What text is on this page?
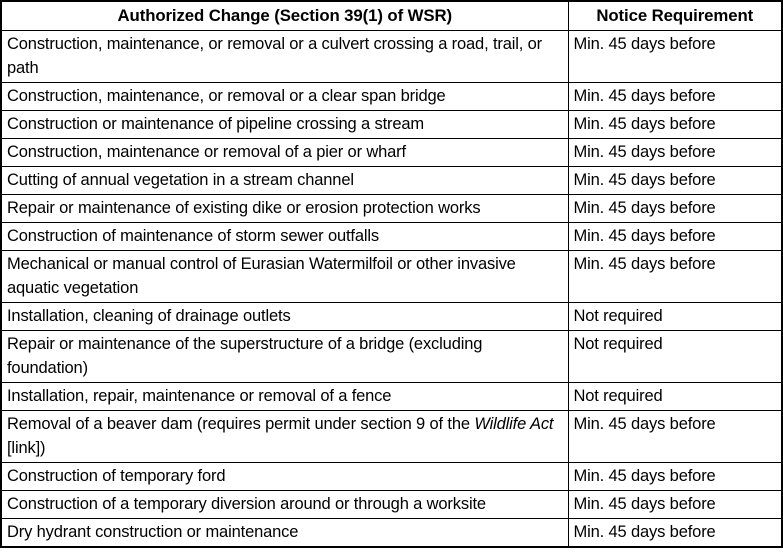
Authorized Change (Section 39(1) of WSR)	Notice Requirement

Construction, maintenance, or removal or a culvert crossing a road, trail, or path	Min. 45 days before

Construction, maintenance, or removal or a clear span bridge	Min. 45 days before

Construction or maintenance of pipeline crossing a stream	Min. 45 days before

Construction, maintenance or removal of a pier or wharf	Min. 45 days before

Cutting of annual vegetation in a stream channel	Min. 45 days before

Repair or maintenance of existing dike or erosion protection works	Min. 45 days before

Construction of maintenance of storm sewer outfalls	Min. 45 days before

Mechanical or manual control of Eurasian Watermilfoil or other invasive aquatic vegetation	Min. 45 days before

Installation, cleaning of drainage outlets	Not required

Repair or maintenance of the superstructure of a bridge (excluding foundation)	Not required

Installation, repair, maintenance or removal of a fence	Not required

Removal of a beaver dam (requires permit under section 9 of the Wildlife Act [link])	Min. 45 days before

Construction of temporary ford	Min. 45 days before

Construction of a temporary diversion around or through a worksite	Min. 45 days before

Dry hydrant construction or maintenance	Min. 45 days before
